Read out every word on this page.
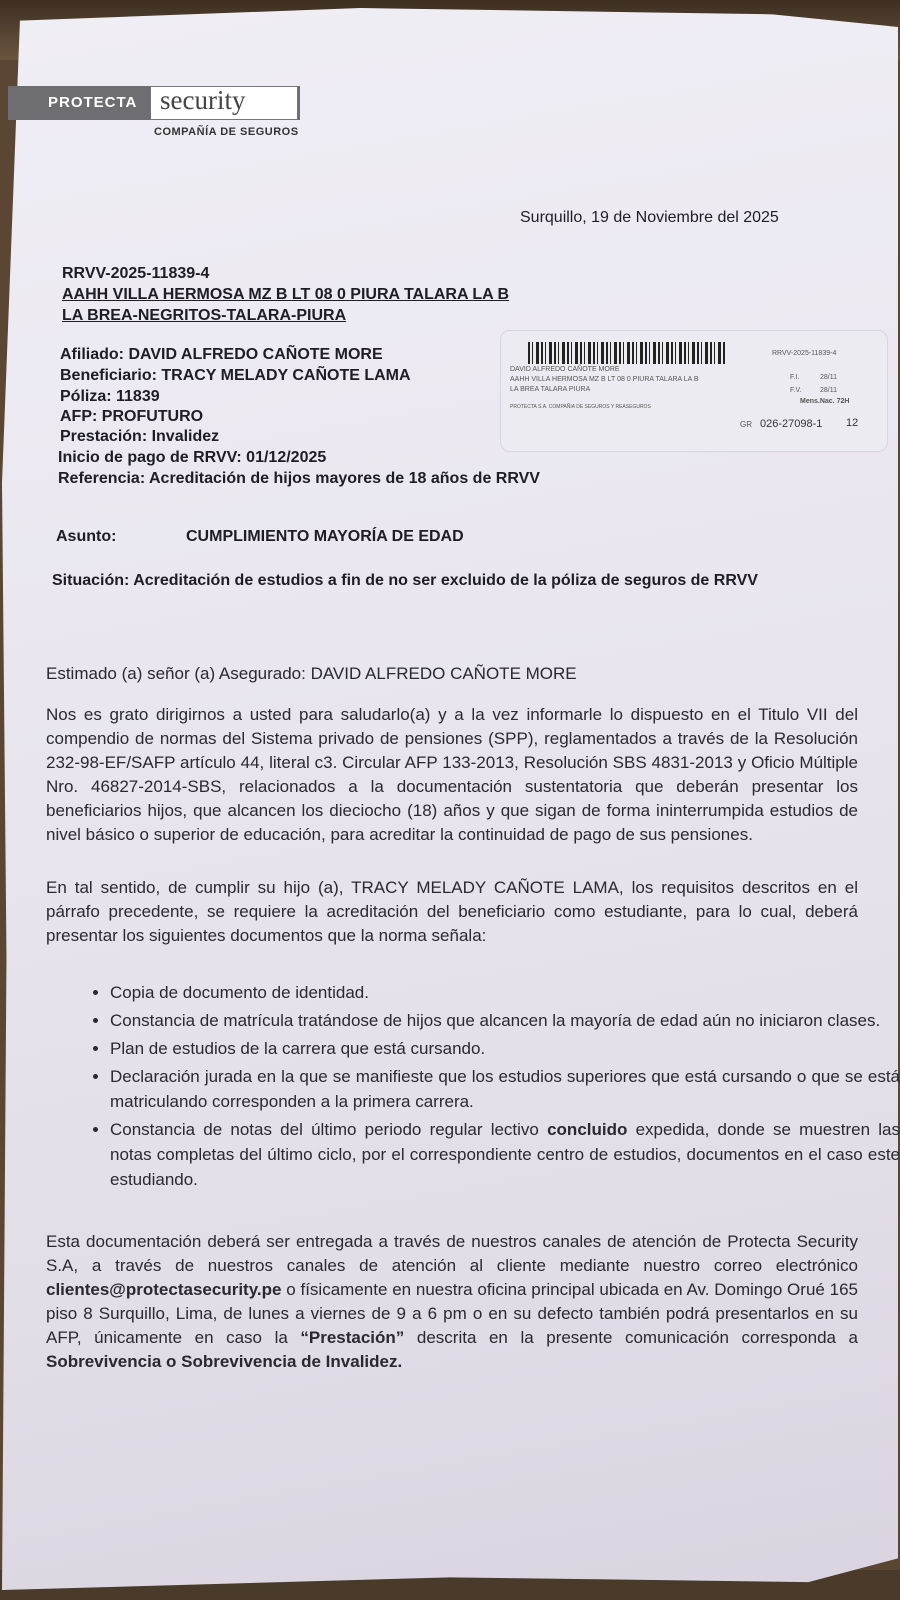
PROTECTA security
COMPAÑÍA DE SEGUROS
Surquillo, 19 de Noviembre del 2025
RRVV-2025-11839-4
AAHH VILLA HERMOSA MZ B LT 08 0 PIURA TALARA LA B
LA BREA-NEGRITOS-TALARA-PIURA
Afiliado: DAVID ALFREDO CAÑOTE MORE
Beneficiario: TRACY MELADY CAÑOTE LAMA
Póliza: 11839
AFP: PROFUTURO
Prestación: Invalidez
Inicio de pago de RRVV: 01/12/2025
Referencia: Acreditación de hijos mayores de 18 años de RRVV
RRVV-2025-11839-4
DAVID ALFREDO CAÑOTE MORE
AAHH VILLA HERMOSA MZ B LT 08 0 PIURA TALARA LA B
LA BREA TALARA PIURA
F.I.	28/11
F.V.	28/11
Mens.Nac. 72H
PROTECTA S.A. COMPAÑIA DE SEGUROS Y REASEGUROS
GR 026-27098-1 12
Asunto:	CUMPLIMIENTO MAYORÍA DE EDAD
Situación: Acreditación de estudios a fin de no ser excluido de la póliza de seguros de RRVV
Estimado (a) señor (a) Asegurado: DAVID ALFREDO CAÑOTE MORE
Nos es grato dirigirnos a usted para saludarlo(a) y a la vez informarle lo dispuesto en el Titulo VII del compendio de normas del Sistema privado de pensiones (SPP), reglamentados a través de la Resolución 232-98-EF/SAFP artículo 44, literal c3. Circular AFP 133-2013, Resolución SBS 4831-2013 y Oficio Múltiple Nro. 46827-2014-SBS, relacionados a la documentación sustentatoria que deberán presentar los beneficiarios hijos, que alcancen los dieciocho (18) años y que sigan de forma ininterrumpida estudios de nivel básico o superior de educación, para acreditar la continuidad de pago de sus pensiones.
En tal sentido, de cumplir su hijo (a), TRACY MELADY CAÑOTE LAMA, los requisitos descritos en el párrafo precedente, se requiere la acreditación del beneficiario como estudiante, para lo cual, deberá presentar los siguientes documentos que la norma señala:
• Copia de documento de identidad.
• Constancia de matrícula tratándose de hijos que alcancen la mayoría de edad aún no iniciaron clases.
• Plan de estudios de la carrera que está cursando.
• Declaración jurada en la que se manifieste que los estudios superiores que está cursando o que se está matriculando corresponden a la primera carrera.
• Constancia de notas del último periodo regular lectivo concluido expedida, donde se muestren las notas completas del último ciclo, por el correspondiente centro de estudios, documentos en el caso este estudiando.
Esta documentación deberá ser entregada a través de nuestros canales de atención de Protecta Security S.A, a través de nuestros canales de atención al cliente mediante nuestro correo electrónico clientes@protectasecurity.pe o físicamente en nuestra oficina principal ubicada en Av. Domingo Orué 165 piso 8 Surquillo, Lima, de lunes a viernes de 9 a 6 pm o en su defecto también podrá presentarlos en su AFP, únicamente en caso la “Prestación” descrita en la presente comunicación corresponda a Sobrevivencia o Sobrevivencia de Invalidez.
